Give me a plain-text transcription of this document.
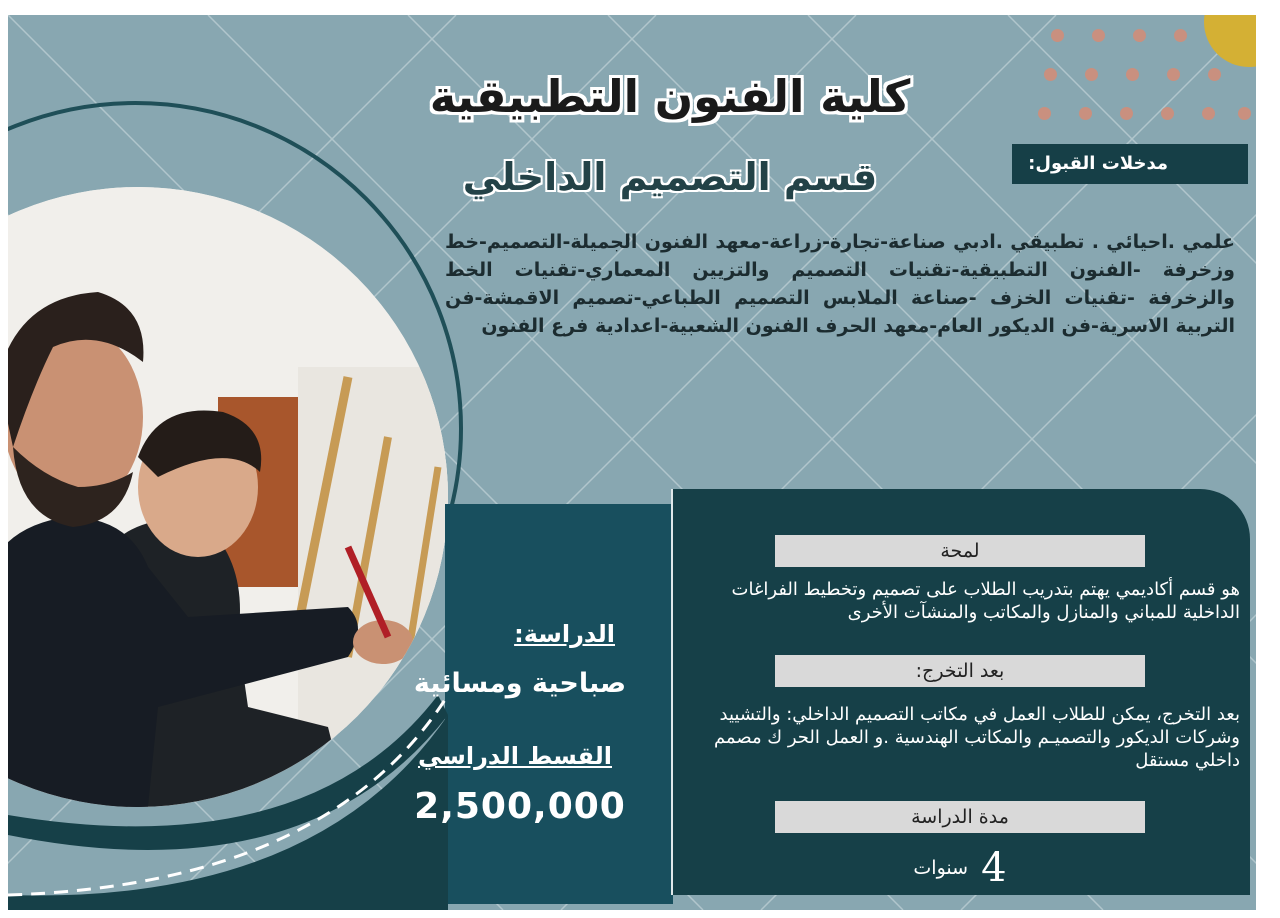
كلية الفنون التطبيقية
قسم التصميم الداخلي	مدخلات القبول:
علمي .احيائي . تطبيقي .ادبي صناعة-تجارة-زراعة-معهد الفنون الجميلة-التصميم-خط وزخرفة -الفنون التطبيقية-تقنيات التصميم والتزيين المعماري-تقنيات الخط والزخرفة -تقنيات الخزف -صناعة الملابس التصميم الطباعي-تصميم الاقمشة-فن التربية الاسرية-فن الديكور العام-معهد الحرف الفنون الشعبية-اعدادية فرع الفنون
الدراسة:
صباحية ومسائية
القسط الدراسي
2,500,000
لمحة
هو قسم أكاديمي يهتم بتدريب الطلاب على تصميم وتخطيط الفراغات الداخلية للمباني والمنازل والمكاتب والمنشآت الأخرى
بعد التخرج:
بعد التخرج، يمكن للطلاب العمل في مكاتب التصميم الداخلي: والتشييد وشركات الديكور والتصميـم والمكاتب الهندسية .و العمل الحر ك مصمم داخلي مستقل
مدة الدراسة
4 سنوات
